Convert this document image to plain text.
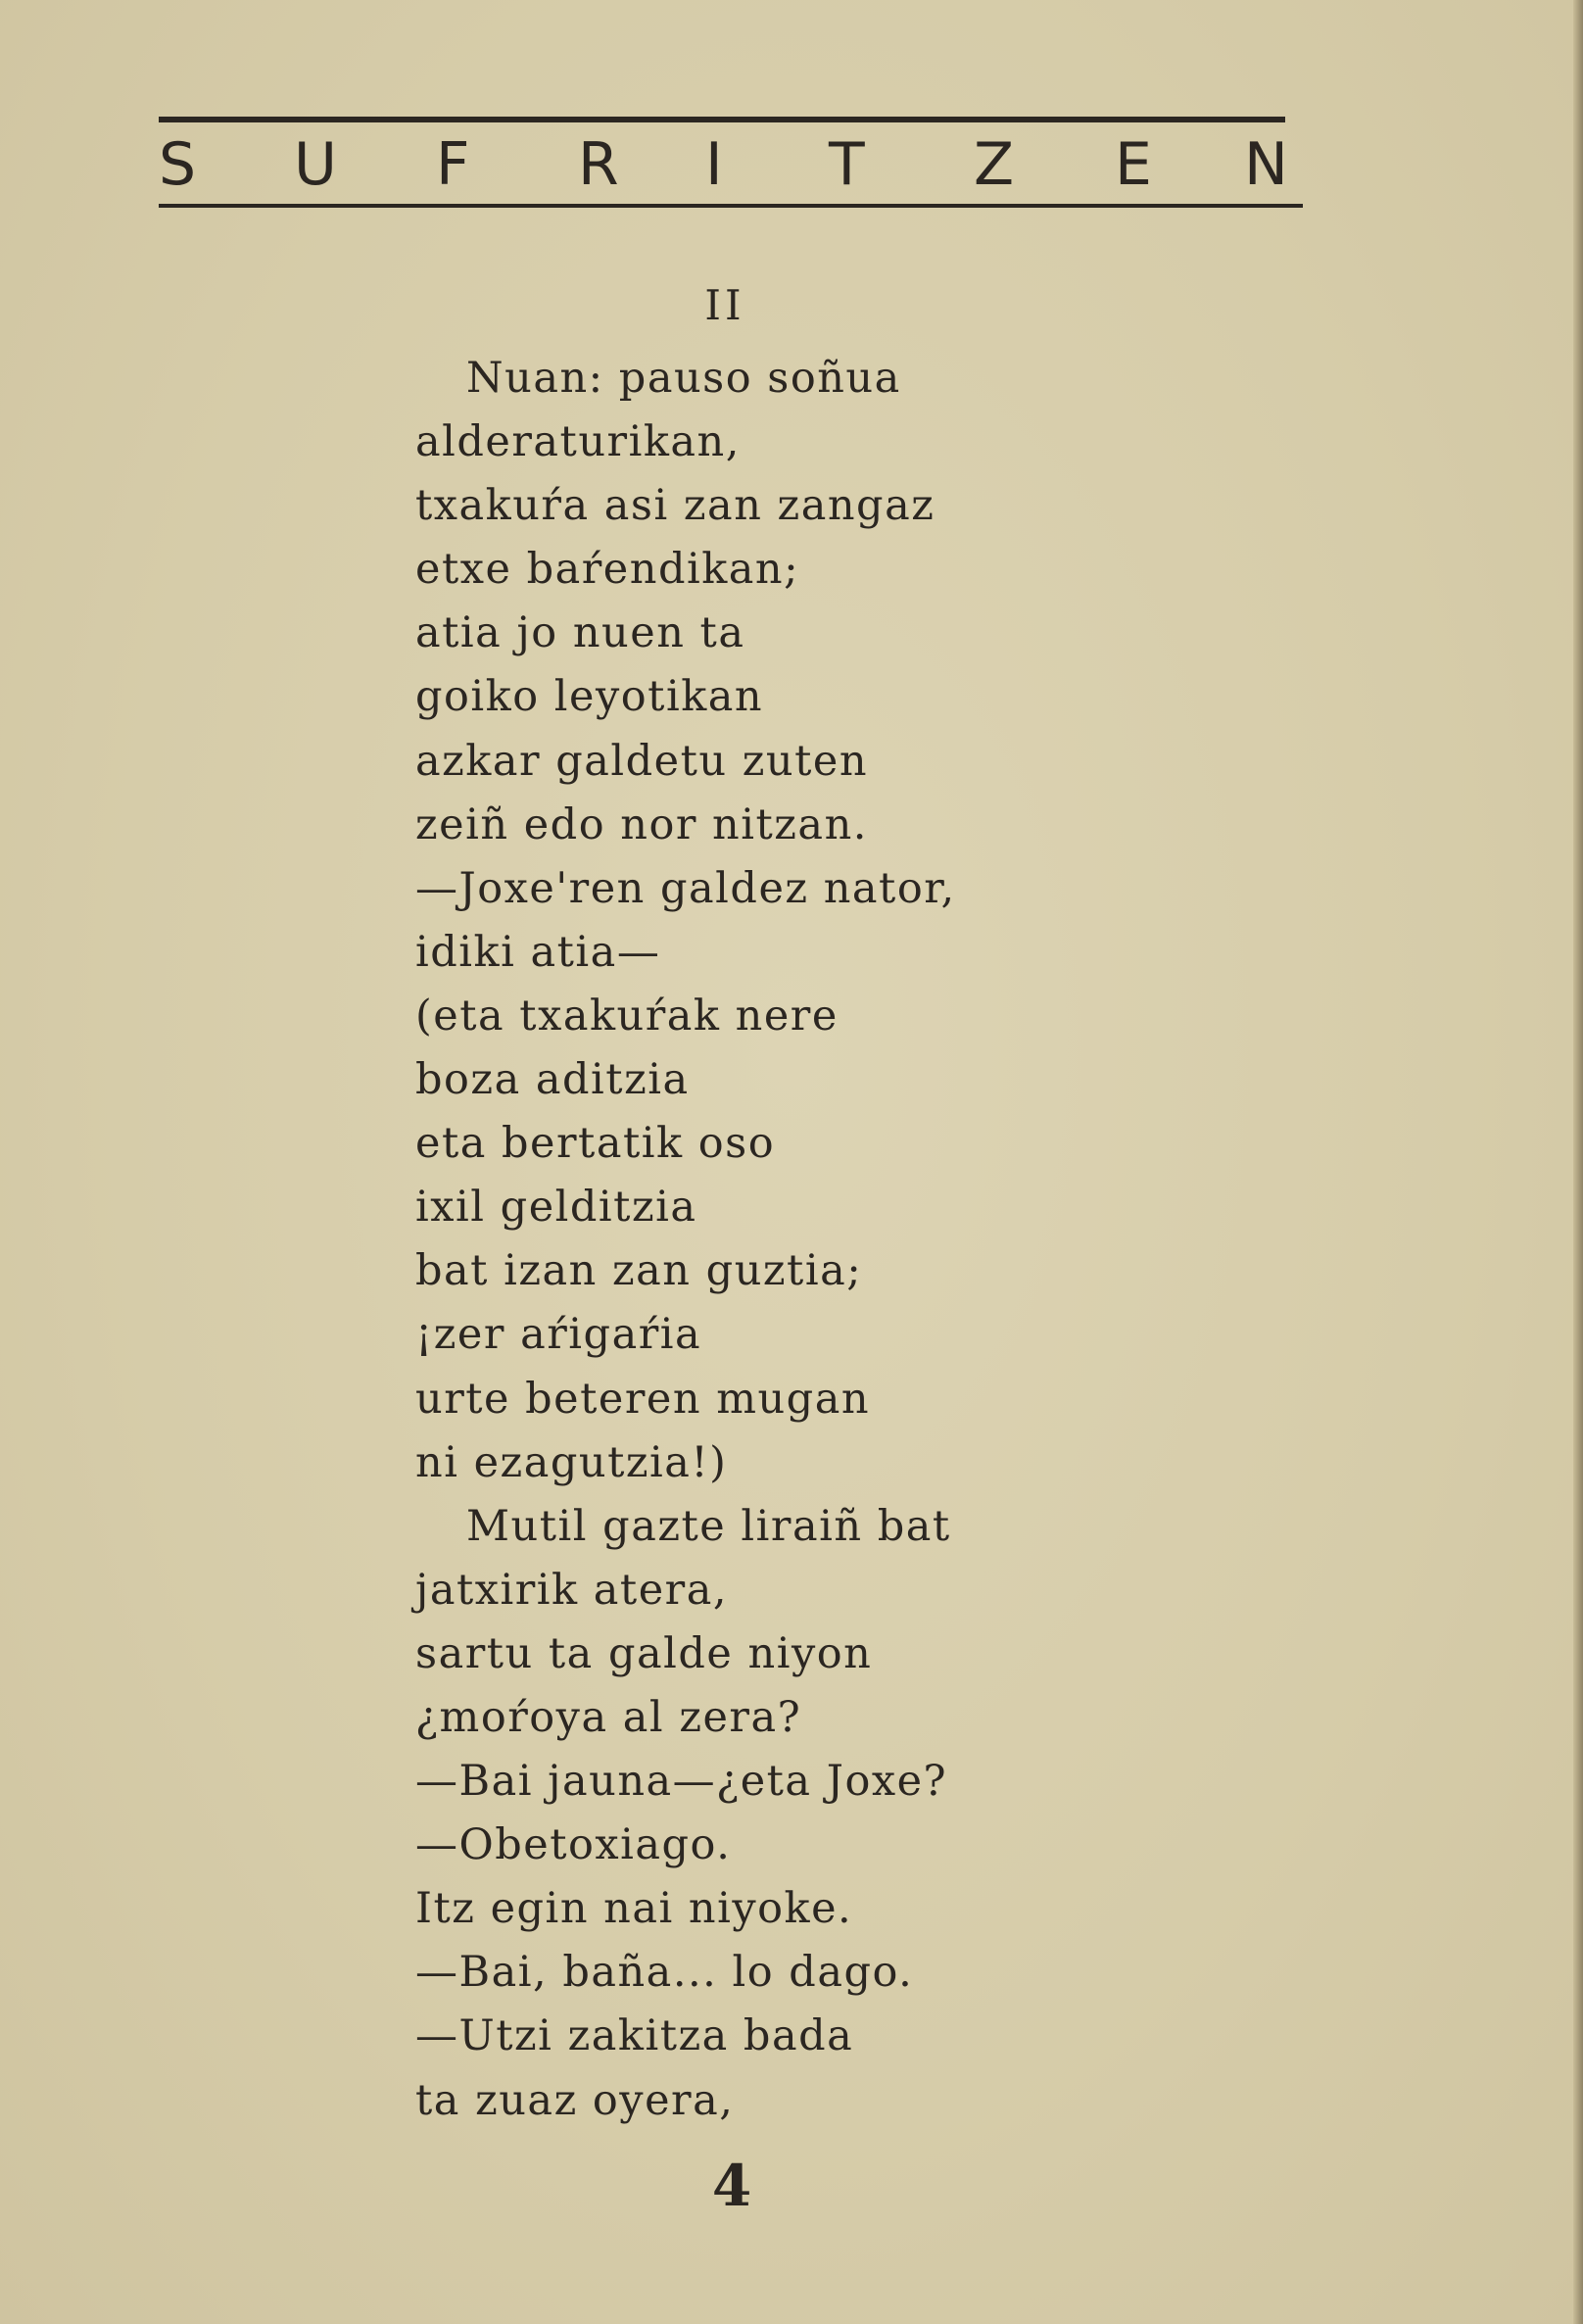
S U F R I T Z E N
II
Nuan: pauso soñua
alderaturikan,
txakuŕa asi zan zangaz
etxe baŕendikan;
atia jo nuen ta
goiko leyotikan
azkar galdetu zuten
zeiñ edo nor nitzan.
—Joxe'ren galdez nator,
idiki atia—
(eta txakuŕak nere
boza aditzia
eta bertatik oso
ixil gelditzia
bat izan zan guztia;
¡zer aŕigaŕia
urte beteren mugan
ni ezagutzia!)
Mutil gazte liraiñ bat
jatxirik atera,
sartu ta galde niyon
¿moŕoya al zera?
—Bai jauna—¿eta Joxe?
—Obetoxiago.
Itz egin nai niyoke.
—Bai, baña... lo dago.
—Utzi zakitza bada
ta zuaz oyera,
4
